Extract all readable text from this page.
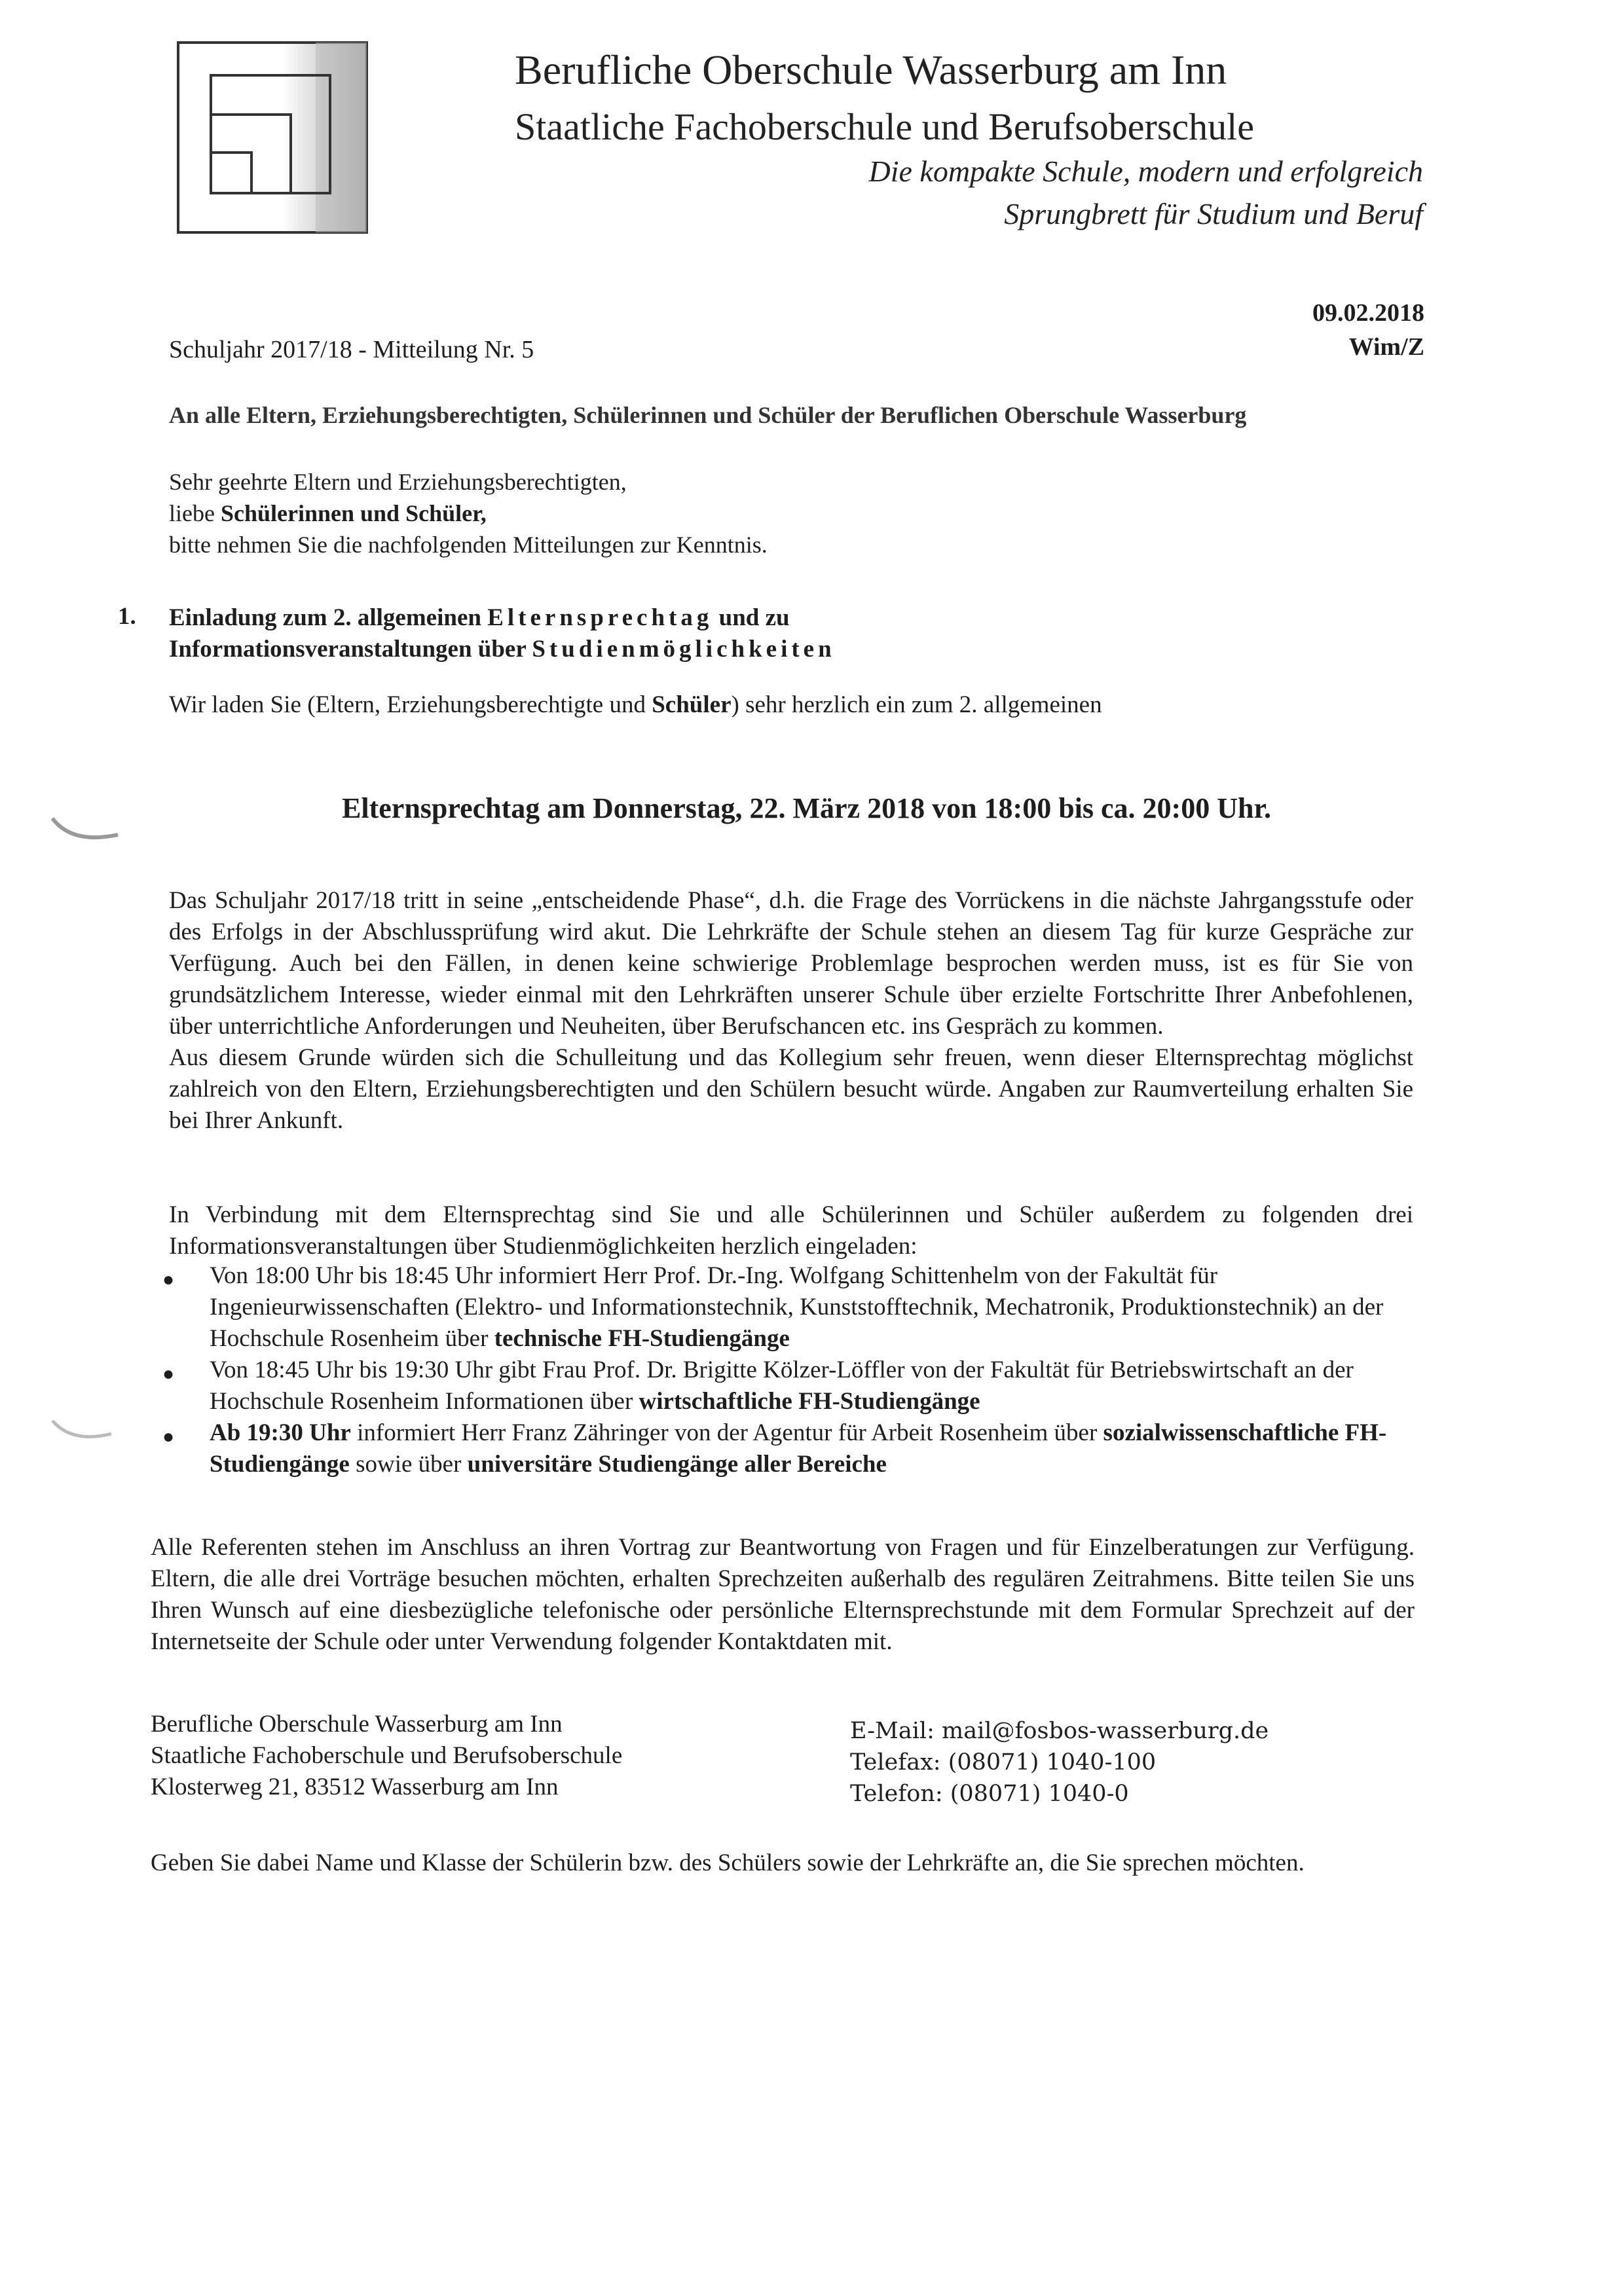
Berufliche Oberschule Wasserburg am Inn
Staatliche Fachoberschule und Berufsoberschule
Die kompakte Schule, modern und erfolgreich
Sprungbrett für Studium und Beruf
09.02.2018
Wim/Z
Schuljahr 2017/18 - Mitteilung Nr. 5
An alle Eltern, Erziehungsberechtigten, Schülerinnen und Schüler der Beruflichen Oberschule Wasserburg
Sehr geehrte Eltern und Erziehungsberechtigten,
liebe Schülerinnen und Schüler,
bitte nehmen Sie die nachfolgenden Mitteilungen zur Kenntnis.
1. Einladung zum 2. allgemeinen Elternsprechtag und zu
Informationsveranstaltungen über Studienmöglichkeiten
Wir laden Sie (Eltern, Erziehungsberechtigte und Schüler) sehr herzlich ein zum 2. allgemeinen
Elternsprechtag am Donnerstag, 22. März 2018 von 18:00 bis ca. 20:00 Uhr.
Das Schuljahr 2017/18 tritt in seine „entscheidende Phase“, d.h. die Frage des Vorrückens in die nächste Jahrgangsstufe oder des Erfolgs in der Abschlussprüfung wird akut. Die Lehrkräfte der Schule stehen an diesem Tag für kurze Gespräche zur Verfügung. Auch bei den Fällen, in denen keine schwierige Problemlage besprochen werden muss, ist es für Sie von grundsätzlichem Interesse, wieder einmal mit den Lehrkräften unserer Schule über erzielte Fortschritte Ihrer Anbefohlenen, über unterrichtliche Anforderungen und Neuheiten, über Berufschancen etc. ins Gespräch zu kommen.
Aus diesem Grunde würden sich die Schulleitung und das Kollegium sehr freuen, wenn dieser Elternsprechtag möglichst zahlreich von den Eltern, Erziehungsberechtigten und den Schülern besucht würde. Angaben zur Raumverteilung erhalten Sie bei Ihrer Ankunft.
In Verbindung mit dem Elternsprechtag sind Sie und alle Schülerinnen und Schüler außerdem zu folgenden drei Informationsveranstaltungen über Studienmöglichkeiten herzlich eingeladen:
● Von 18:00 Uhr bis 18:45 Uhr informiert Herr Prof. Dr.-Ing. Wolfgang Schittenhelm von der Fakultät für Ingenieurwissenschaften (Elektro- und Informationstechnik, Kunststofftechnik, Mechatronik, Produktionstechnik) an der Hochschule Rosenheim über technische FH-Studiengänge
● Von 18:45 Uhr bis 19:30 Uhr gibt Frau Prof. Dr. Brigitte Kölzer-Löffler von der Fakultät für Betriebswirtschaft an der Hochschule Rosenheim Informationen über wirtschaftliche FH-Studiengänge
● Ab 19:30 Uhr informiert Herr Franz Zähringer von der Agentur für Arbeit Rosenheim über sozialwissenschaftliche FH-Studiengänge sowie über universitäre Studiengänge aller Bereiche
Alle Referenten stehen im Anschluss an ihren Vortrag zur Beantwortung von Fragen und für Einzelberatungen zur Verfügung. Eltern, die alle drei Vorträge besuchen möchten, erhalten Sprechzeiten außerhalb des regulären Zeitrahmens. Bitte teilen Sie uns Ihren Wunsch auf eine diesbezügliche telefonische oder persönliche Elternsprechstunde mit dem Formular Sprechzeit auf der Internetseite der Schule oder unter Verwendung folgender Kontaktdaten mit.
Berufliche Oberschule Wasserburg am Inn
Staatliche Fachoberschule und Berufsoberschule
Klosterweg 21, 83512 Wasserburg am Inn
E-Mail: mail@fosbos-wasserburg.de
Telefax: (08071) 1040-100
Telefon: (08071) 1040-0
Geben Sie dabei Name und Klasse der Schülerin bzw. des Schülers sowie der Lehrkräfte an, die Sie sprechen möchten.
